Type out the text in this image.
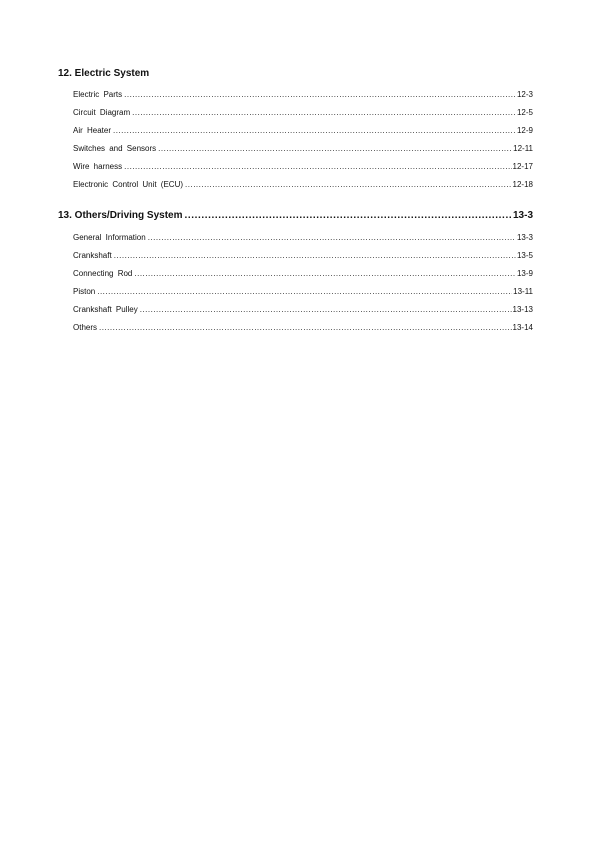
12. Electric System
Electric Parts .....	12-3
Circuit Diagram .....	12-5
Air Heater .....	12-9
Switches and Sensors .....	12-11
Wire harness .....	12-17
Electronic Control Unit (ECU) .....	12-18
13. Others/Driving System .....	13-3
General Information .....	13-3
Crankshaft .....	13-5
Connecting Rod .....	13-9
Piston .....	13-11
Crankshaft Pulley .....	13-13
Others .....	13-14
